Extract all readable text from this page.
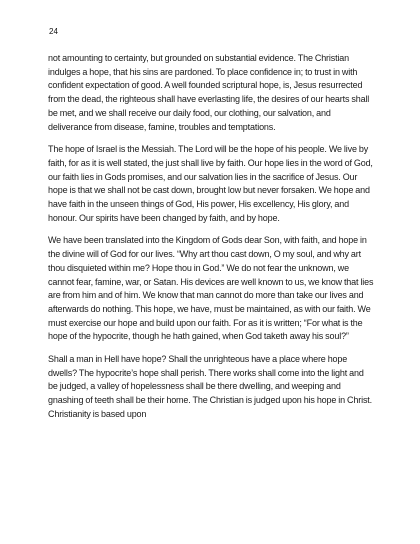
24

not amounting to certainty, but grounded on substantial evidence. The Christian indulges a hope, that his sins are pardoned. To place confidence in; to trust in with confident expectation of good. A well founded scriptural hope, is, Jesus resurrected from the dead, the righteous shall have everlasting life, the desires of our hearts shall be met, and we shall receive our daily food, our clothing, our salvation, and deliverance from disease, famine, troubles and temptations.

The hope of Israel is the Messiah. The Lord will be the hope of his people. We live by faith, for as it is well stated, the just shall live by faith. Our hope lies in the word of God, our faith lies in Gods promises, and our salvation lies in the sacrifice of Jesus. Our hope is that we shall not be cast down, brought low but never forsaken. We hope and have faith in the unseen things of God, His power, His excellency, His glory, and honour. Our spirits have been changed by faith, and by hope.

We have been translated into the Kingdom of Gods dear Son, with faith, and hope in the divine will of God for our lives. “Why art thou cast down, O my soul, and why art thou disquieted within me? Hope thou in God.” We do not fear the unknown, we cannot fear, famine, war, or Satan. His devices are well known to us, we know that lies are from him and of him. We know that man cannot do more than take our lives and afterwards do nothing. This hope, we have, must be maintained, as with our faith. We must exercise our hope and build upon our faith. For as it is written; “For what is the hope of the hypocrite, though he hath gained, when God taketh away his soul?”

Shall a man in Hell have hope? Shall the unrighteous have a place where hope dwells? The hypocrite’s hope shall perish. There works shall come into the light and be judged, a valley of hopelessness shall be there dwelling, and weeping and gnashing of teeth shall be their home. The Christian is judged upon his hope in Christ. Christianity is based upon
